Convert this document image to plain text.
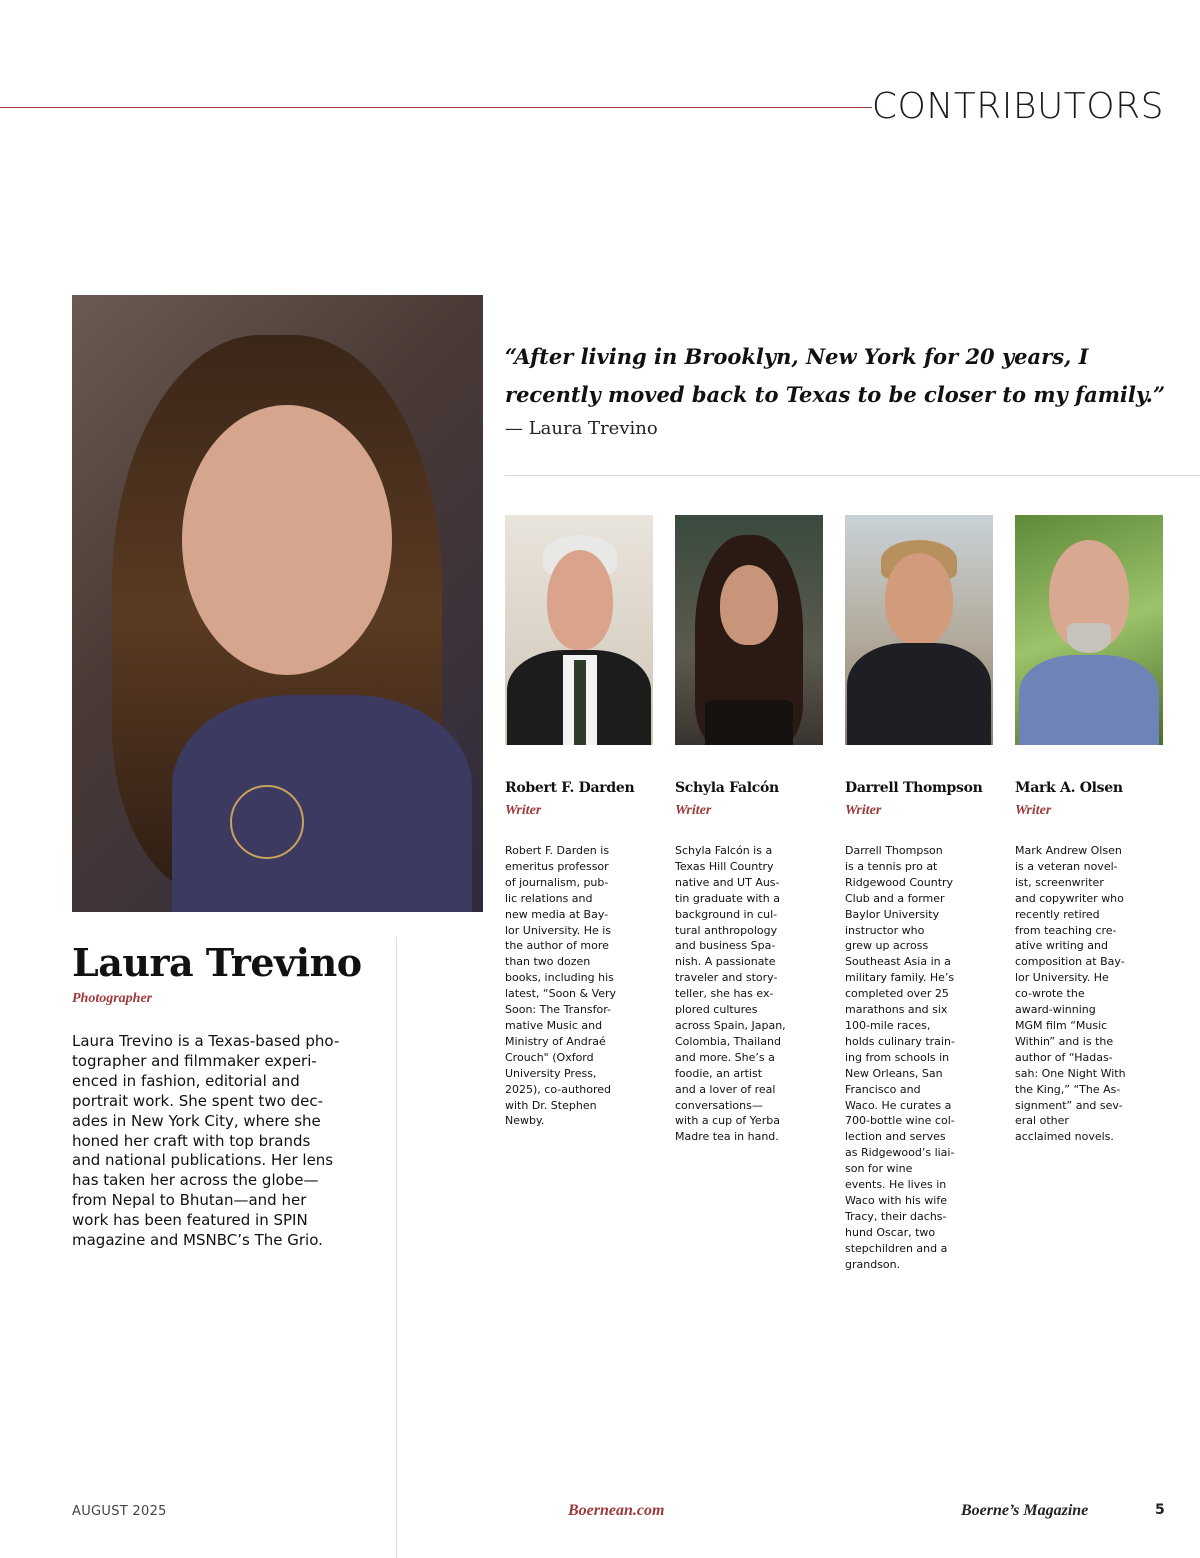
CONTRIBUTORS
Laura Trevino
Photographer
Laura Trevino is a Texas-based pho-
tographer and filmmaker experi-
enced in fashion, editorial and
portrait work. She spent two dec-
ades in New York City, where she
honed her craft with top brands
and national publications. Her lens
has taken her across the globe—
from Nepal to Bhutan—and her
work has been featured in SPIN
magazine and MSNBC’s The Grio.
“After living in Brooklyn, New York for 20 years, I recently moved back to Texas to be closer to my family.”
— Laura Trevino
Robert F. Darden
Writer
Robert F. Darden is
emeritus professor
of journalism, pub-
lic relations and
new media at Bay-
lor University. He is
the author of more
than two dozen
books, including his
latest, “Soon & Very
Soon: The Transfor-
mative Music and
Ministry of Andraé
Crouch" (Oxford
University Press,
2025), co-authored
with Dr. Stephen
Newby.
Schyla Falcón
Writer
Schyla Falcón is a
Texas Hill Country
native and UT Aus-
tin graduate with a
background in cul-
tural anthropology
and business Spa-
nish. A passionate
traveler and story-
teller, she has ex-
plored cultures
across Spain, Japan,
Colombia, Thailand
and more. She’s a
foodie, an artist
and a lover of real
conversations—
with a cup of Yerba
Madre tea in hand.
Darrell Thompson
Writer
Darrell Thompson
is a tennis pro at
Ridgewood Country
Club and a former
Baylor University
instructor who
grew up across
Southeast Asia in a
military family. He’s
completed over 25
marathons and six
100-mile races,
holds culinary train-
ing from schools in
New Orleans, San
Francisco and
Waco. He curates a
700-bottle wine col-
lection and serves
as Ridgewood’s liai-
son for wine
events. He lives in
Waco with his wife
Tracy, their dachs-
hund Oscar, two
stepchildren and a
grandson.
Mark A. Olsen
Writer
Mark Andrew Olsen
is a veteran novel-
ist, screenwriter
and copywriter who
recently retired
from teaching cre-
ative writing and
composition at Bay-
lor University. He
co-wrote the
award-winning
MGM film “Music
Within” and is the
author of “Hadas-
sah: One Night With
the King,” “The As-
signment” and sev-
eral other
acclaimed novels.
AUGUST 2025	Boernean.com	Boerne’s Magazine	5
